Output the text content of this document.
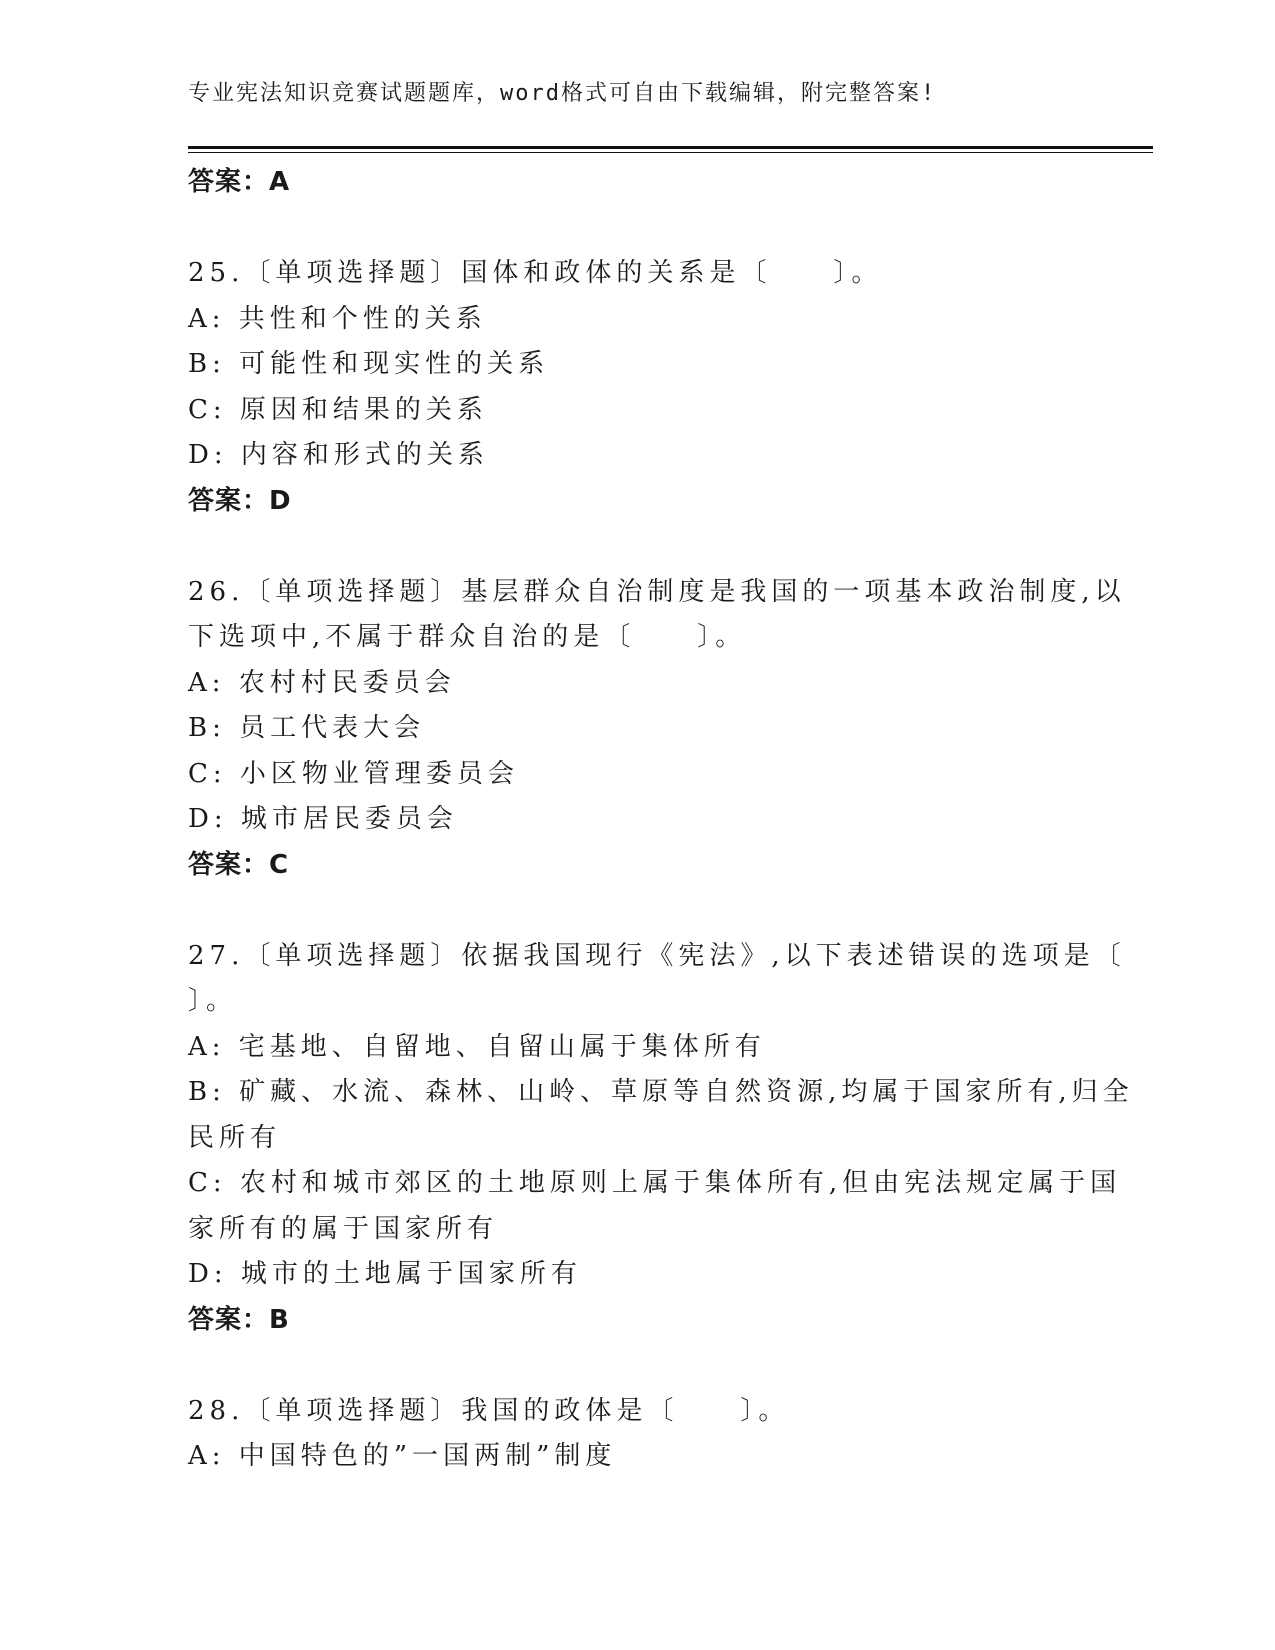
专业宪法知识竞赛试题题库，word格式可自由下载编辑，附完整答案!
答案：A
25.〔单项选择题〕国体和政体的关系是〔　　〕。
A: 共性和个性的关系
B: 可能性和现实性的关系
C: 原因和结果的关系
D: 内容和形式的关系
答案：D
26.〔单项选择题〕基层群众自治制度是我国的一项基本政治制度,以
下选项中,不属于群众自治的是〔　　〕。
A: 农村村民委员会
B: 员工代表大会
C: 小区物业管理委员会
D: 城市居民委员会
答案：C
27.〔单项选择题〕依据我国现行《宪法》,以下表述错误的选项是〔
〕。
A: 宅基地、自留地、自留山属于集体所有
B: 矿藏、水流、森林、山岭、草原等自然资源,均属于国家所有,归全
民所有
C: 农村和城市郊区的土地原则上属于集体所有,但由宪法规定属于国
家所有的属于国家所有
D: 城市的土地属于国家所有
答案：B
28.〔单项选择题〕我国的政体是〔　　〕。
A: 中国特色的”一国两制”制度
